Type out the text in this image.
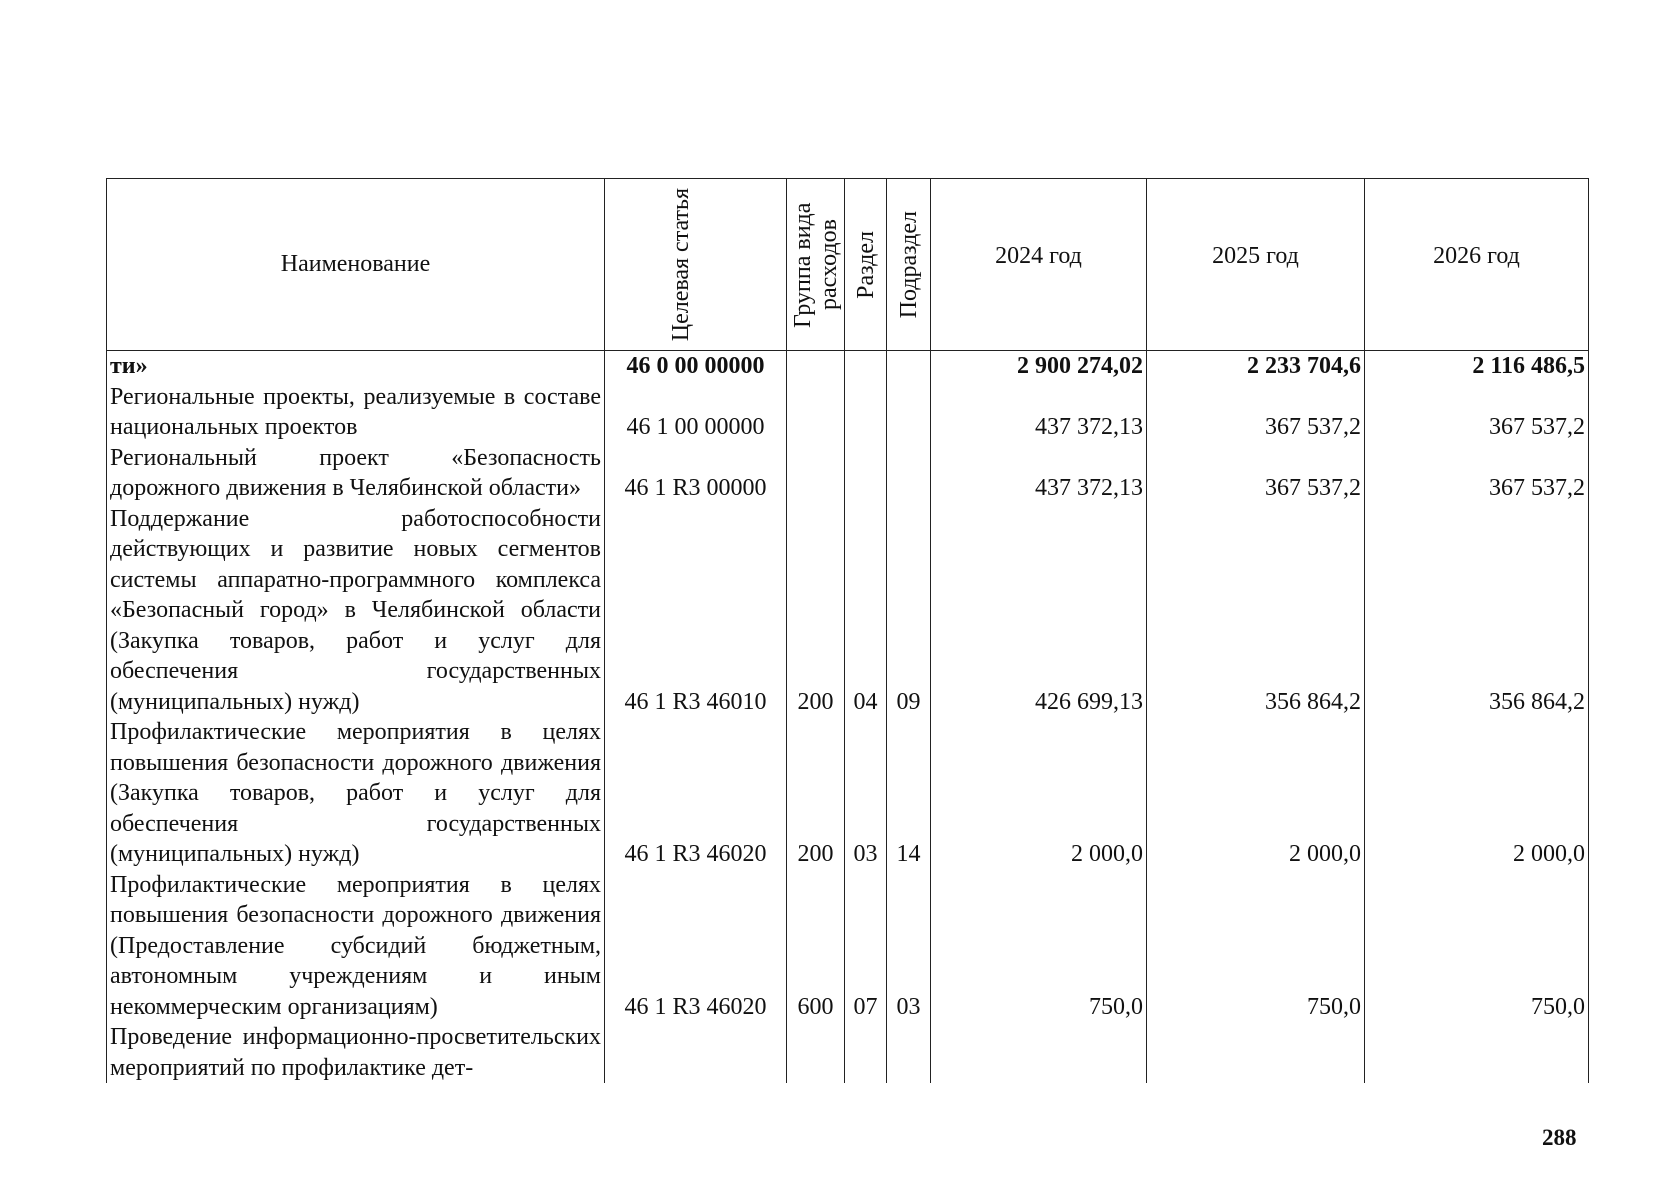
Наименование	Целевая статья	Группа вида расходов	Раздел	Подраздел	2024 год	2025 год	2026 год
ти»	46 0 00 00000				2 900 274,02	2 233 704,6	2 116 486,5
Региональные проекты, реализуемые в составе национальных проектов	46 1 00 00000				437 372,13	367 537,2	367 537,2
Региональный проект «Безопасность дорожного движения в Челябинской области»	46 1 R3 00000				437 372,13	367 537,2	367 537,2
Поддержание работоспособности действующих и развитие новых сегментов системы аппаратно-программного комплекса «Безопасный город» в Челябинской области (Закупка товаров, работ и услуг для обеспечения государственных (муниципальных) нужд)	46 1 R3 46010	200	04	09	426 699,13	356 864,2	356 864,2
Профилактические мероприятия в целях повышения безопасности дорожного движения (Закупка товаров, работ и услуг для обеспечения государственных (муниципальных) нужд)	46 1 R3 46020	200	03	14	2 000,0	2 000,0	2 000,0
Профилактические мероприятия в целях повышения безопасности дорожного движения (Предоставление субсидий бюджетным, автономным учреждениям и иным некоммерческим организациям)	46 1 R3 46020	600	07	03	750,0	750,0	750,0
Проведение информационно-просветительских мероприятий по профилактике дет-							
288
